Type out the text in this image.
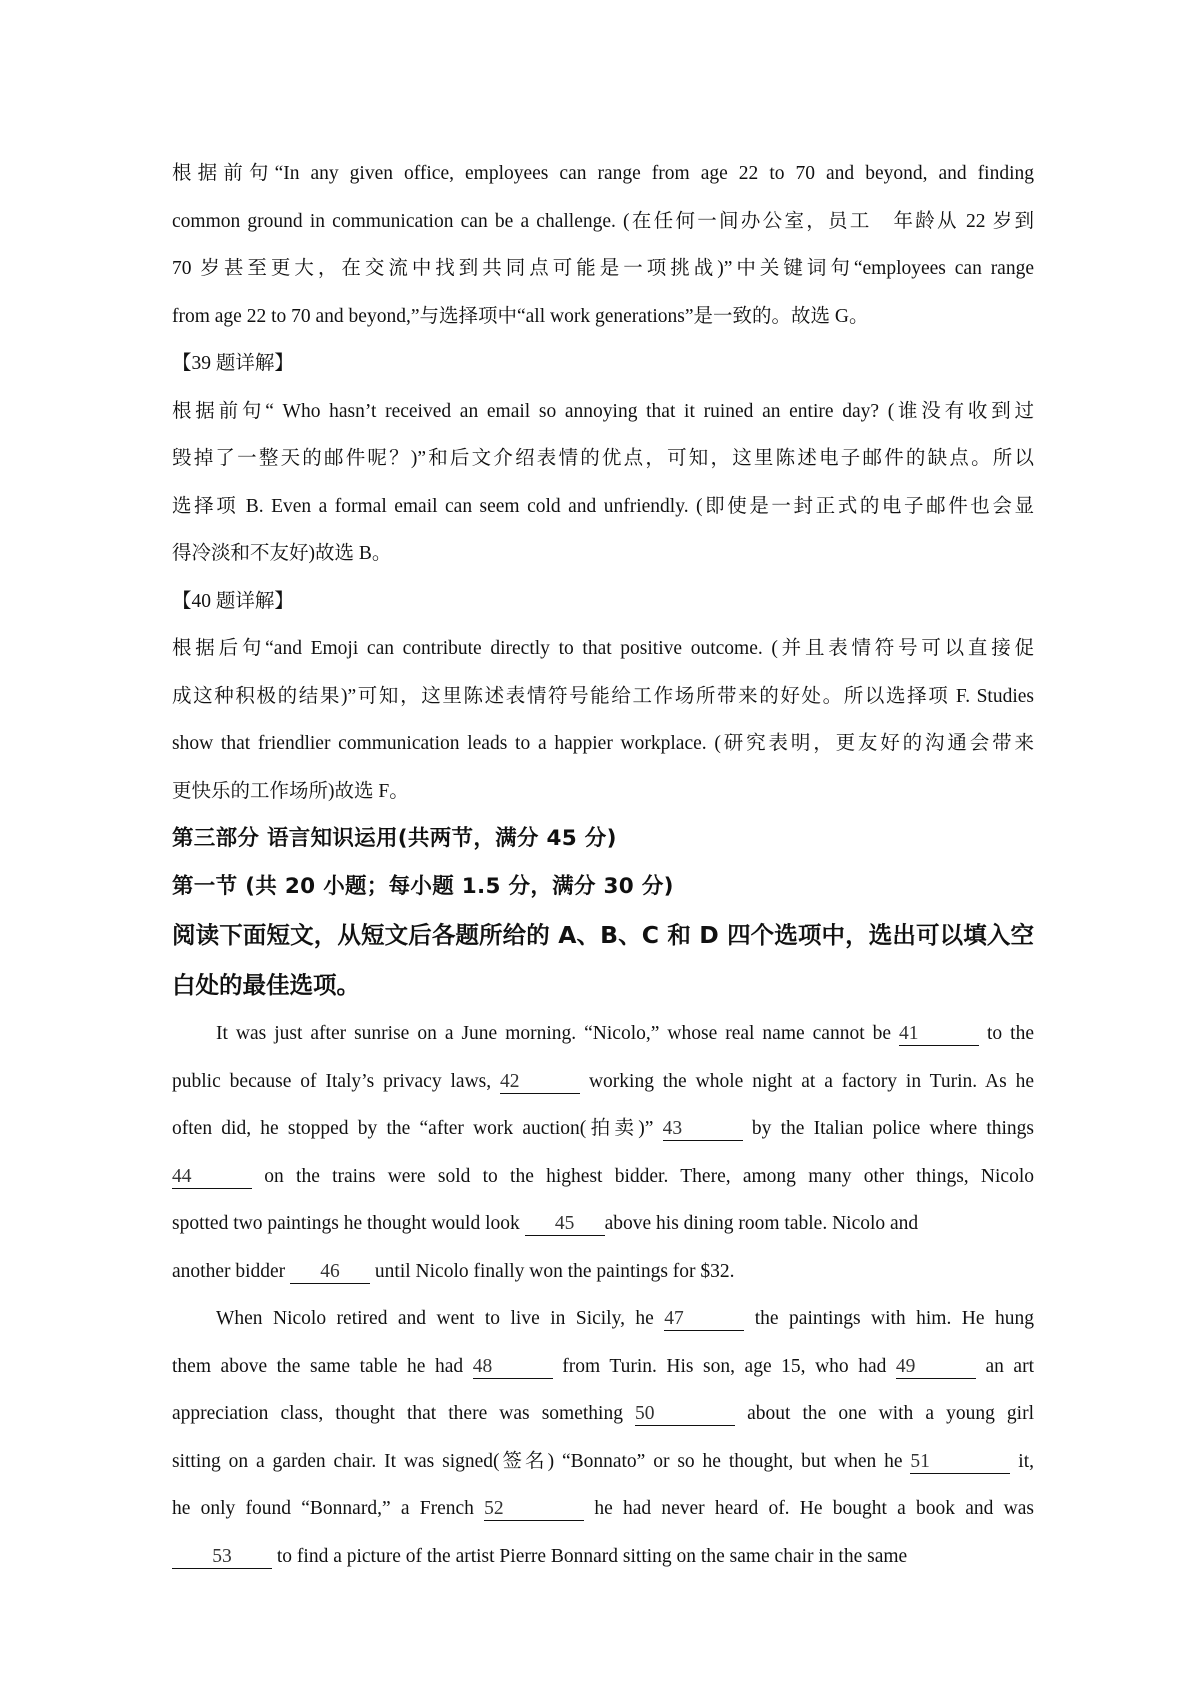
根据前句“In any given office, employees can range from age 22 to 70 and beyond, and finding
common ground in communication can be a challenge. (在任何一间办公室，员工　年龄从 22 岁到
70 岁甚至更大，在交流中找到共同点可能是一项挑战)”中关键词句“employees can range
from age 22 to 70 and beyond,”与选择项中“all work generations”是一致的。故选 G。
【39 题详解】
根据前句“ Who hasn’t received an email so annoying that it ruined an entire day? (谁没有收到过
毁掉了一整天的邮件呢？)”和后文介绍表情的优点，可知，这里陈述电子邮件的缺点。所以
选择项 B. Even a formal email can seem cold and unfriendly. (即使是一封正式的电子邮件也会显
得冷淡和不友好)故选 B。
【40 题详解】
根据后句“and Emoji can contribute directly to that positive outcome. (并且表情符号可以直接促
成这种积极的结果)”可知，这里陈述表情符号能给工作场所带来的好处。所以选择项 F. Studies
show that friendlier communication leads to a happier workplace. (研究表明，更友好的沟通会带来
更快乐的工作场所)故选 F。
第三部分 语言知识运用(共两节，满分 45 分)
第一节 (共 20 小题；每小题 1.5 分，满分 30 分)
阅读下面短文，从短文后各题所给的 A、B、C 和 D 四个选项中，选出可以填入空
白处的最佳选项。
It was just after sunrise on a June morning. “Nicolo,” whose real name cannot be 41	to the
public because of Italy’s privacy laws, 42	working the whole night at a factory in Turin. As he
often did, he stopped by the “after work auction(拍卖)” 43	by the Italian police where things
44	on the trains were sold to the highest bidder. There, among many other things, Nicolo
spotted two paintings he thought would look 45 above his dining room table. Nicolo and
another bidder 46 until Nicolo finally won the paintings for $32.
When Nicolo retired and went to live in Sicily, he 47	the paintings with him. He hung
them above the same table he had 48	from Turin. His son, age 15, who had 49	an art
appreciation class, thought that there was something 50	about the one with a young girl
sitting on a garden chair. It was signed(签名) “Bonnato” or so he thought, but when he 51	it,
he only found “Bonnard,” a French 52	he had never heard of. He bought a book and was
53 to find a picture of the artist Pierre Bonnard sitting on the same chair in the same
